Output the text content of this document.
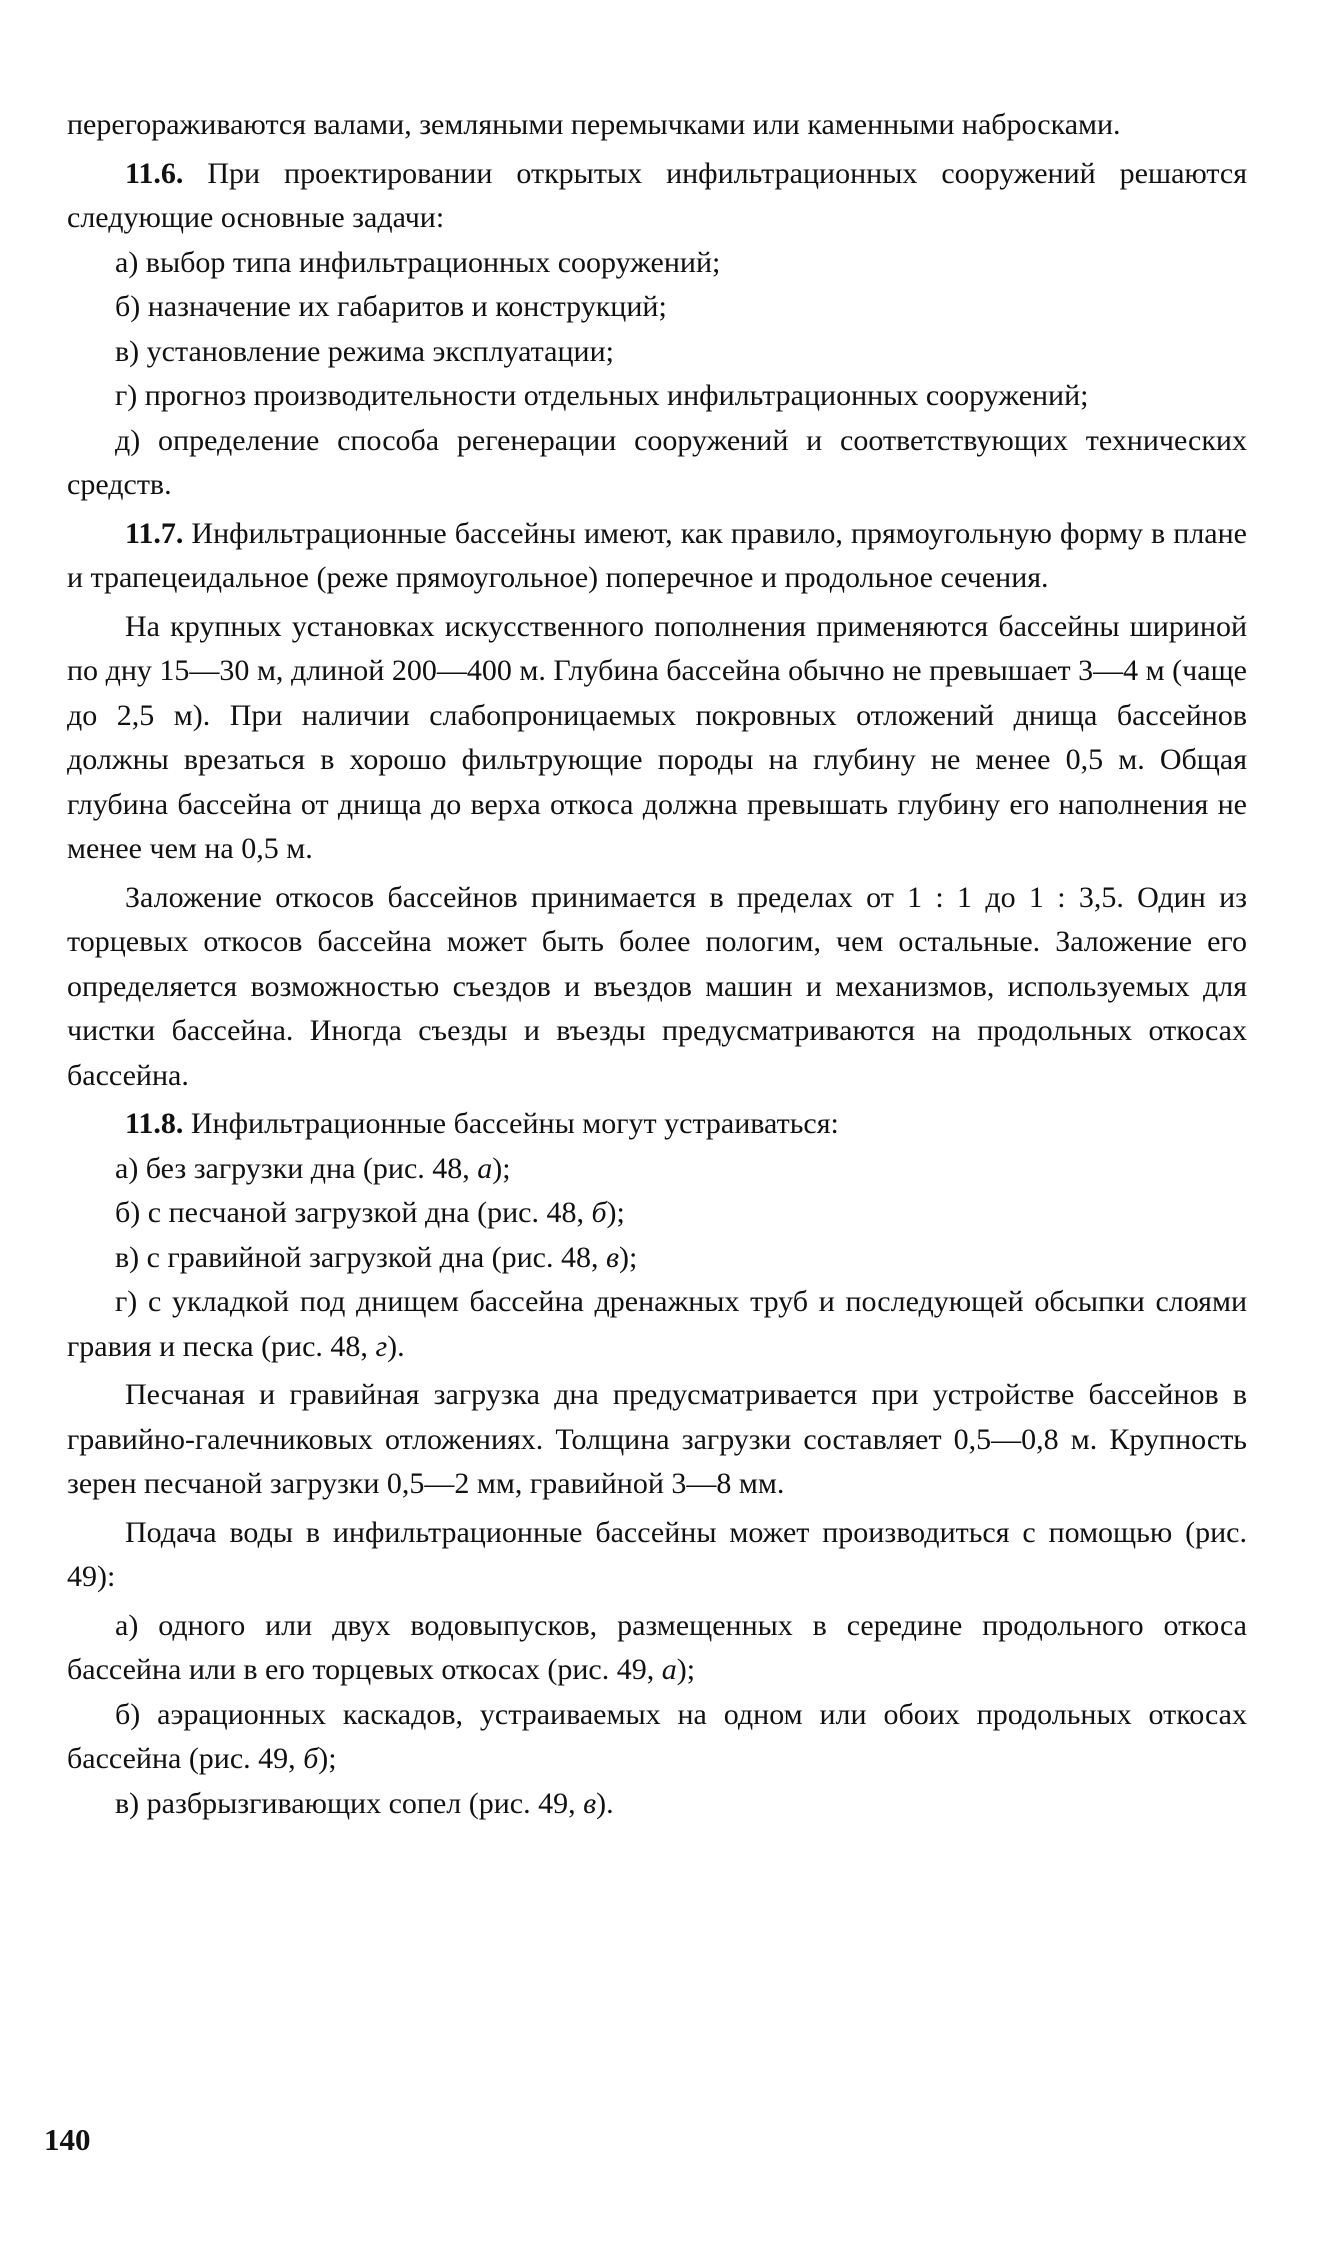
перегораживаются валами, земляными перемычками или каменными набросками.

11.6. При проектировании открытых инфильтрационных сооружений решаются следующие основные задачи:

а) выбор типа инфильтрационных сооружений;

б) назначение их габаритов и конструкций;

в) установление режима эксплуатации;

г) прогноз производительности отдельных инфильтрационных сооружений;

д) определение способа регенерации сооружений и соответствующих технических средств.

11.7. Инфильтрационные бассейны имеют, как правило, прямоугольную форму в плане и трапецеидальное (реже прямоугольное) поперечное и продольное сечения.

На крупных установках искусственного пополнения применяются бассейны шириной по дну 15—30 м, длиной 200—400 м. Глубина бассейна обычно не превышает 3—4 м (чаще до 2,5 м). При наличии слабопроницаемых покровных отложений днища бассейнов должны врезаться в хорошо фильтрующие породы на глубину не менее 0,5 м. Общая глубина бассейна от днища до верха откоса должна превышать глубину его наполнения не менее чем на 0,5 м.

Заложение откосов бассейнов принимается в пределах от 1 : 1 до 1 : 3,5. Один из торцевых откосов бассейна может быть более пологим, чем остальные. Заложение его определяется возможностью съездов и въездов машин и механизмов, используемых для чистки бассейна. Иногда съезды и въезды предусматриваются на продольных откосах бассейна.

11.8. Инфильтрационные бассейны могут устраиваться:

а) без загрузки дна (рис. 48, а);

б) с песчаной загрузкой дна (рис. 48, б);

в) с гравийной загрузкой дна (рис. 48, в);

г) с укладкой под днищем бассейна дренажных труб и последующей обсыпки слоями гравия и песка (рис. 48, г).

Песчаная и гравийная загрузка дна предусматривается при устройстве бассейнов в гравийно-галечниковых отложениях. Толщина загрузки составляет 0,5—0,8 м. Крупность зерен песчаной загрузки 0,5—2 мм, гравийной 3—8 мм.

Подача воды в инфильтрационные бассейны может производиться с помощью (рис. 49):

а) одного или двух водовыпусков, размещенных в середине продольного откоса бассейна или в его торцевых откосах (рис. 49, а);

б) аэрационных каскадов, устраиваемых на одном или обоих продольных откосах бассейна (рис. 49, б);

в) разбрызгивающих сопел (рис. 49, в).

140
